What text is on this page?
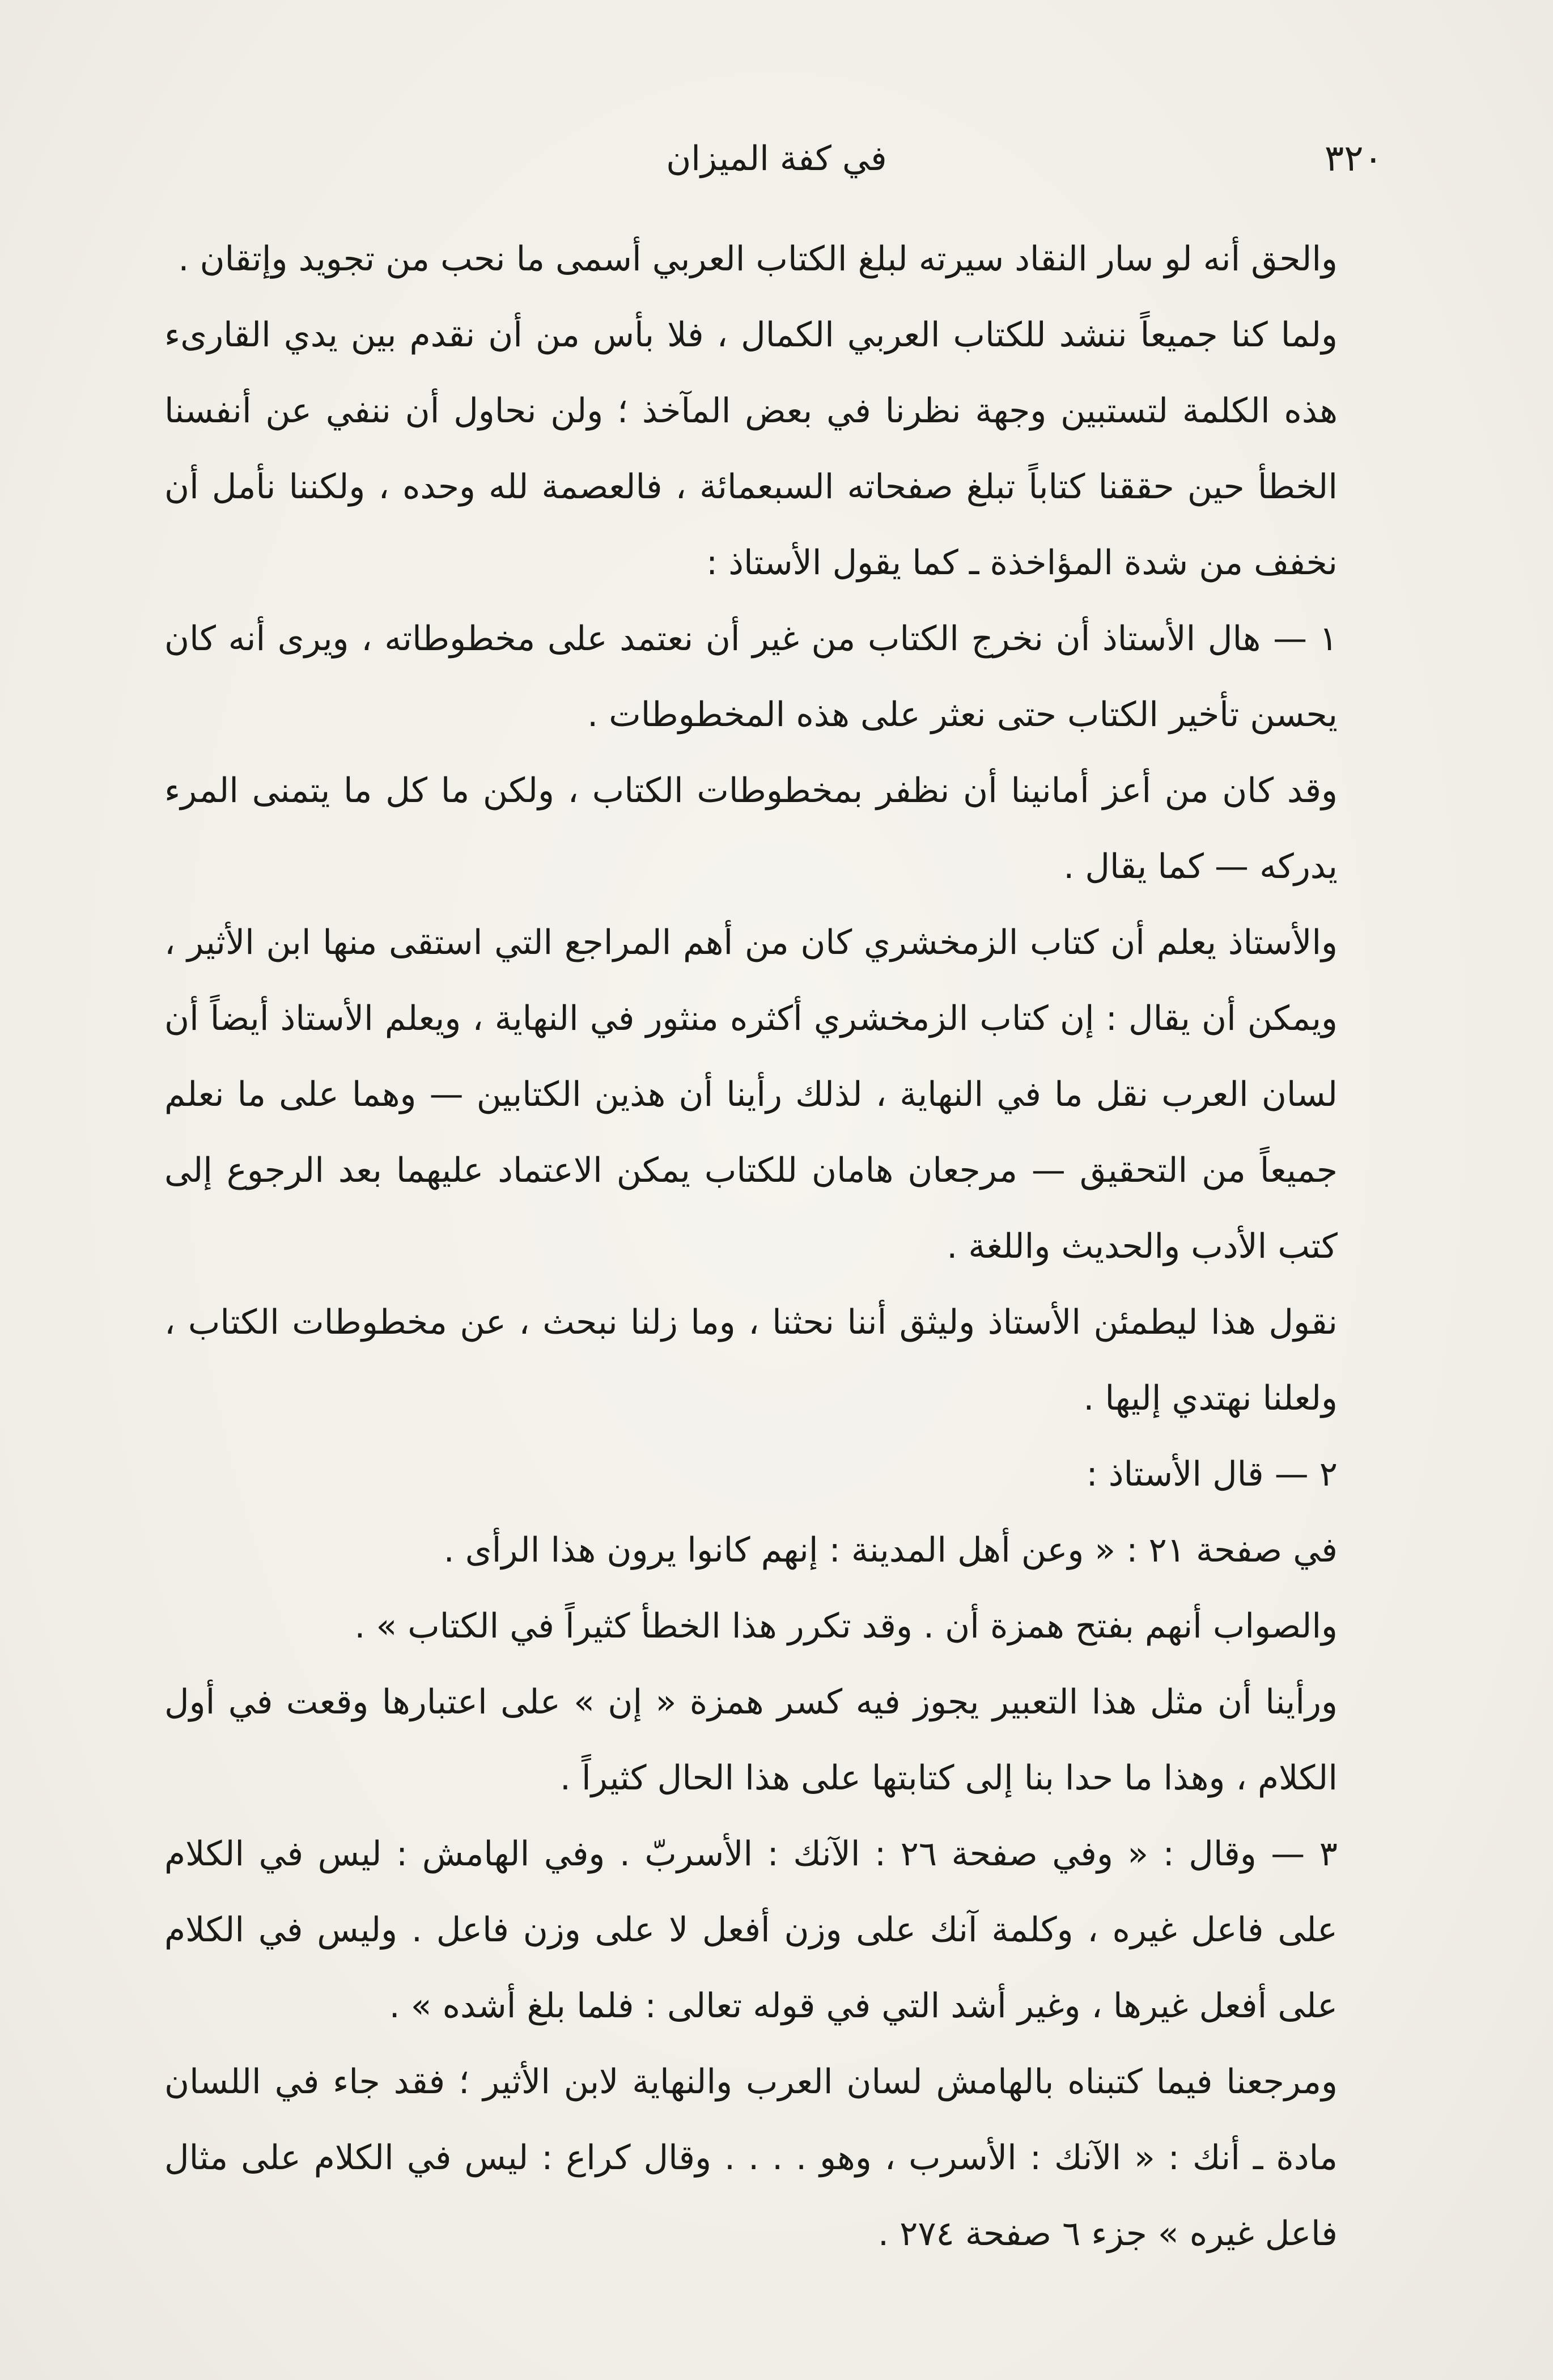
٣٢٠
في كفة الميزان

والحق أنه لو سار النقاد سيرته لبلغ الكتاب العربي أسمى ما نحب من تجويد وإتقان .

ولما كنا جميعاً ننشد للكتاب العربي الكمال ، فلا بأس من أن نقدم بين يدي القارىء هذه الكلمة لتستبين وجهة نظرنا في بعض المآخذ ؛ ولن نحاول أن ننفي عن أنفسنا الخطأ حين حققنا كتاباً تبلغ صفحاته السبعمائة ، فالعصمة لله وحده ، ولكننا نأمل أن نخفف من شدة المؤاخذة ـ كما يقول الأستاذ :

١ — هال الأستاذ أن نخرج الكتاب من غير أن نعتمد على مخطوطاته ، ويرى أنه كان يحسن تأخير الكتاب حتى نعثر على هذه المخطوطات .

وقد كان من أعز أمانينا أن نظفر بمخطوطات الكتاب ، ولكن ما كل ما يتمنى المرء يدركه — كما يقال .

والأستاذ يعلم أن كتاب الزمخشري كان من أهم المراجع التي استقى منها ابن الأثير ، ويمكن أن يقال : إن كتاب الزمخشري أكثره منثور في النهاية ، ويعلم الأستاذ أيضاً أن لسان العرب نقل ما في النهاية ، لذلك رأينا أن هذين الكتابين — وهما على ما نعلم جميعاً من التحقيق — مرجعان هامان للكتاب يمكن الاعتماد عليهما بعد الرجوع إلى كتب الأدب والحديث واللغة .

نقول هذا ليطمئن الأستاذ وليثق أننا نحثنا ، وما زلنا نبحث ، عن مخطوطات الكتاب ، ولعلنا نهتدي إليها .

٢ — قال الأستاذ :

في صفحة ٢١ : « وعن أهل المدينة : إنهم كانوا يرون هذا الرأى .

والصواب أنهم بفتح همزة أن . وقد تكرر هذا الخطأ كثيراً في الكتاب » .

ورأينا أن مثل هذا التعبير يجوز فيه كسر همزة « إن » على اعتبارها وقعت في أول الكلام ، وهذا ما حدا بنا إلى كتابتها على هذا الحال كثيراً .

٣ — وقال : « وفي صفحة ٢٦ : الآنك : الأسربّ . وفي الهامش : ليس في الكلام على فاعل غيره ، وكلمة آنك على وزن أفعل لا على وزن فاعل . وليس في الكلام على أفعل غيرها ، وغير أشد التي في قوله تعالى : فلما بلغ أشده » .

ومرجعنا فيما كتبناه بالهامش لسان العرب والنهاية لابن الأثير ؛ فقد جاء في اللسان مادة ـ أنك : « الآنك : الأسرب ، وهو . . . . وقال كراع : ليس في الكلام على مثال فاعل غيره » جزء ٦ صفحة ٢٧٤ .
